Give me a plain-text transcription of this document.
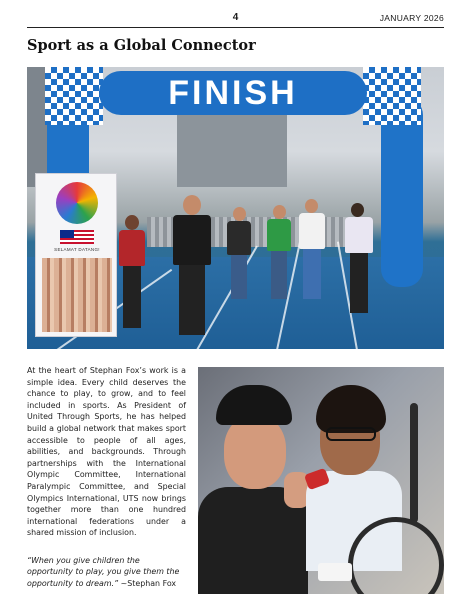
4	JANUARY 2026
Sport as a Global Connector
FINISH
SELAMAT DATANG!

At the heart of Stephan Fox’s work is a simple idea. Every child deserves the chance to play, to grow, and to feel included in sports. As President of United Through Sports, he has helped build a global network that makes sport accessible to people of all ages, abilities, and backgrounds. Through partnerships with the International Olympic Committee, International Paralympic Committee, and Special Olympics International, UTS now brings together more than one hundred international federations under a shared mission of inclusion.

“When you give children the opportunity to play, you give them the opportunity to dream.” ~Stephan Fox
